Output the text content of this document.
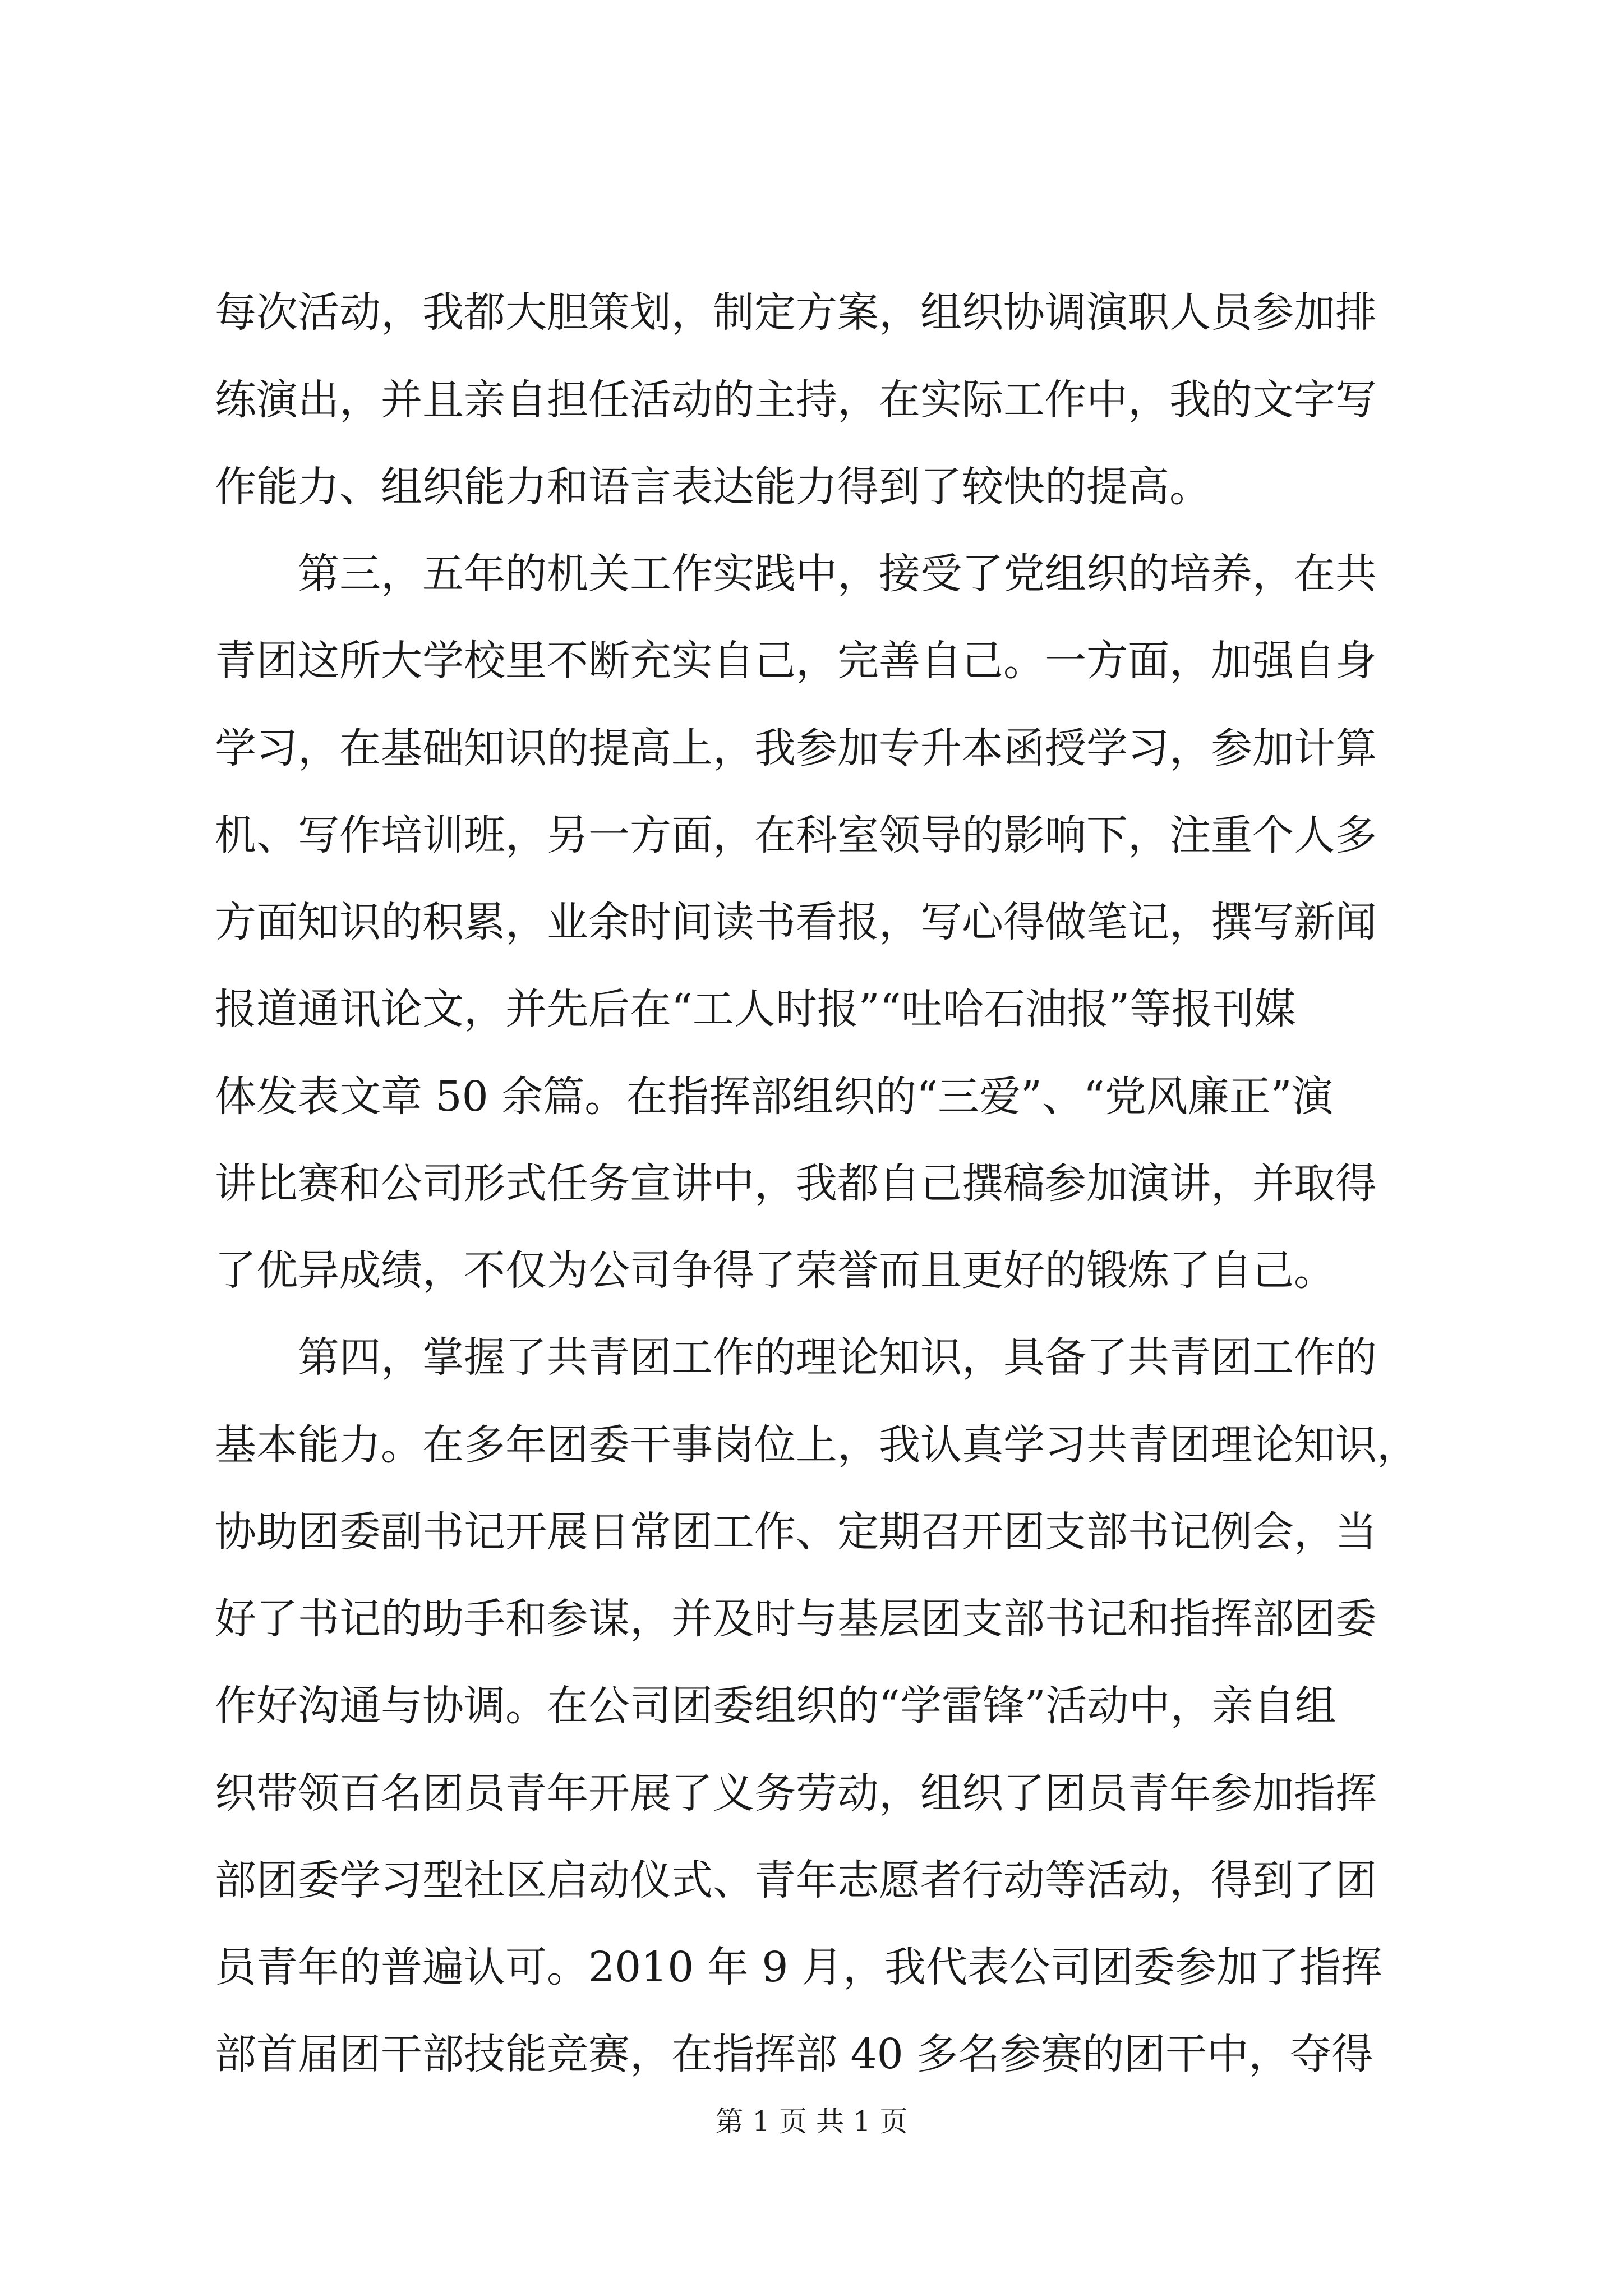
每次活动，我都大胆策划，制定方案，组织协调演职人员参加排
练演出，并且亲自担任活动的主持，在实际工作中，我的文字写
作能力、组织能力和语言表达能力得到了较快的提高。
　　第三，五年的机关工作实践中，接受了党组织的培养，在共
青团这所大学校里不断充实自己，完善自己。一方面，加强自身
学习，在基础知识的提高上，我参加专升本函授学习，参加计算
机、写作培训班，另一方面，在科室领导的影响下，注重个人多
方面知识的积累，业余时间读书看报，写心得做笔记，撰写新闻
报道通讯论文，并先后在“工人时报”“吐哈石油报”等报刊媒
体发表文章 50 余篇。在指挥部组织的“三爱”、“党风廉正”演
讲比赛和公司形式任务宣讲中，我都自己撰稿参加演讲，并取得
了优异成绩，不仅为公司争得了荣誉而且更好的锻炼了自己。
　　第四，掌握了共青团工作的理论知识，具备了共青团工作的
基本能力。在多年团委干事岗位上，我认真学习共青团理论知识，
协助团委副书记开展日常团工作、定期召开团支部书记例会，当
好了书记的助手和参谋，并及时与基层团支部书记和指挥部团委
作好沟通与协调。在公司团委组织的“学雷锋”活动中，亲自组
织带领百名团员青年开展了义务劳动，组织了团员青年参加指挥
部团委学习型社区启动仪式、青年志愿者行动等活动，得到了团
员青年的普遍认可。2010 年 9 月，我代表公司团委参加了指挥
部首届团干部技能竞赛，在指挥部 40 多名参赛的团干中，夺得
第 1 页 共 1 页
